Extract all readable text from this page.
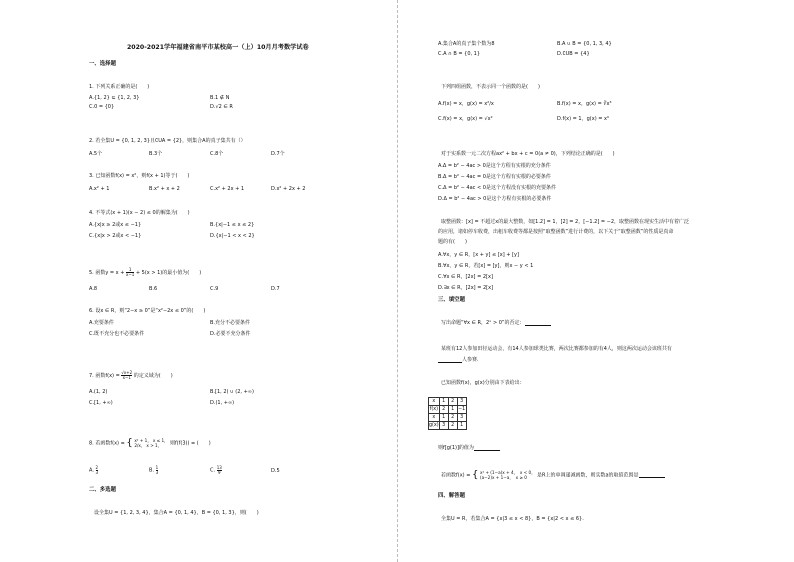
2020-2021学年福建省南平市某校高一（上）10月月考数学试卷
一、选择题
1. 下列关系正确的是(　　)
A.{1, 2} ⊆ {1, 2, 3}	B.1 ∉ N
C.0 = {0}	D.√2 ∈ R
2. 若全集U = {0, 1, 2, 3}且∁UA = {2}，则集合A的真子集共有（）
A.5个	B.3个	C.8个	D.7个
3. 已知函数f(x) = x²，则f(x + 1)等于(　　)
A.x² + 1	B.x² + x + 2	C.x² + 2x + 1	D.x² + 2x + 2
4. 不等式(x + 1)(x − 2) ≤ 0的解集为(　　)
A.{x|x ≥ 2或x ≤ −1}	B.{x|−1 ≤ x ≤ 2}
C.{x|x > 2或x < −1}	D.{x|−1 < x < 2}
5. 函数$y = x + \frac{1}{x-1} + 5(x > 1)$的最小值为(　　)
A.8	B.6	C.9	D.7
6. 设x ∈ R，则“2−x ≥ 0”是“x²−2x ≤ 0”的(　　)
A.充要条件	B.充分不必要条件
C.既不充分也不必要条件	D.必要不充分条件
7. 函数$f(x) = \frac{√x+2}{x-1}$ 的定义域为(　　)
A.(1, 2)	B.[1, 2) ∪ (2, +∞)
C.[1, +∞)	D.(1, +∞)
8. 若函数f(x) = { x² + 1， x ≤ 1，
2/x， x > 1，	则f(f(3)) = (　　)
A. $\frac{2}{3}$	B. $\frac{1}{3}$	C. $\frac{13}{9}$	D.5
二、多选题
设全集U = {1, 2, 3, 4}，集合A = {0, 1, 4}，B = {0, 1, 3}，则(　　)
A.集合A的真子集个数为8	B.A ∪ B = {0, 1, 3, 4}
C.A ∩ B = {0, 1}	D.∁UB = {4}
下列四组函数，不表示同一个函数的是(　　)
A.f(x) = x，g(x) = x²/x	B.f(x) = x，g(x) = ∛x³
C.f(x) = x，g(x) = √x²	D.f(x) = 1，g(x) = x⁰
对于实系数一元二次方程ax² + bx + c = 0(a ≠ 0)，下列结论正确的是(　　)
A.Δ = b² − 4ac > 0是这个方程有实根的充分条件
B.Δ = b² − 4ac = 0是这个方程有实根的必要条件
C.Δ = b² − 4ac < 0是这个方程没有实根的充要条件
D.Δ = b² − 4ac > 0是这个方程有实根的必要条件
取整函数：[x] = 不超过x的最大整数，如[1.2] = 1，[2] = 2，[−1.2] = −2，取整函数在现实生活中有着广泛
的应用，诸如停车收费，出租车收费等都是按照“取整函数”进行计费的，以下关于“取整函数”的性质是真命
题的有(　　)
A.∀x，y ∈ R，[x + y] ≤ [x] + [y]
B.∀x，y ∈ R，若[x] = [y]，则x − y < 1
C.∀x ∈ R，[2x] = 2[x]
D.∃x ∈ R，[2x] = 2[x]
三、填空题
写出命题“∀x ∈ R，2ˣ > 0”的否定：
某班有12人参加田径运动会，有14人参加球类比赛，两次比赛都参加的有4人，则这两次运动会该班共有
人参赛.
已知函数f(x)，g(x)分别由下表给出：
x	1	2	3
f(x)	2	1	−1
x	1	2	3
g(x)	3	2	1
则f[g(1)]的值为
若函数f(x) = { x² + (1−a)x + 4，　x < 0，
(a−2)x + 1−a，　x ≥ 0	是R上的单调递减函数，则实数a的取值范围是
四、解答题
全集U = R，若集合A = {x|3 ≤ x < 8}，B = {x|2 < x ≤ 6}.
